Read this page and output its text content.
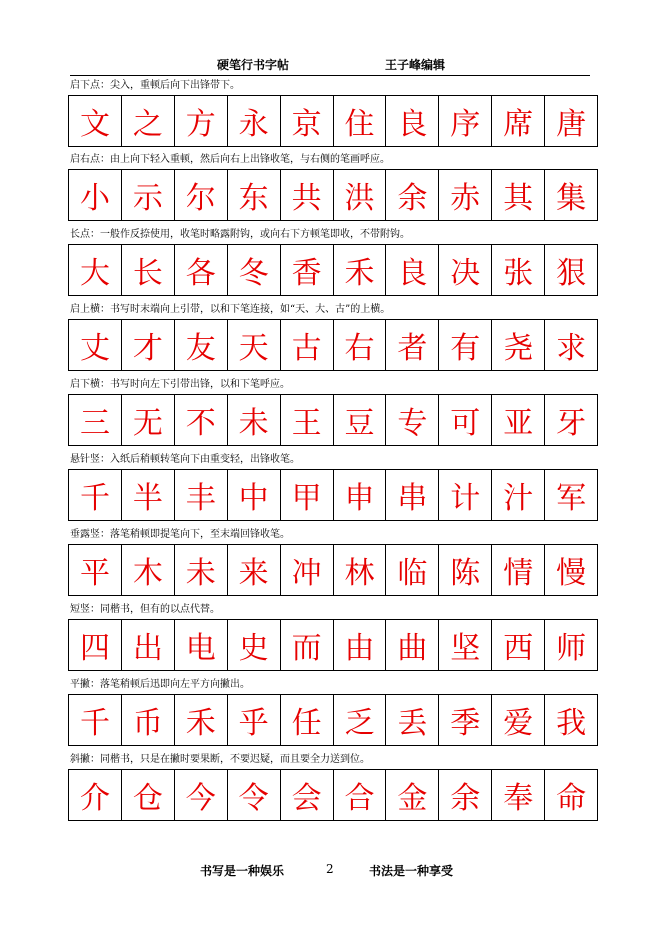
硬笔行书字帖	王子峰编辑
启下点：尖入，重顿后向下出锋带下。
文 之 方 永 京 住 良 序 席 唐
启右点：由上向下轻入重顿，然后向右上出锋收笔，与右侧的笔画呼应。
小 示 尔 东 共 洪 余 赤 其 集
长点：一般作反捺使用，收笔时略露附钩，或向右下方顿笔即收，不带附钩。
大 长 各 冬 香 禾 良 决 张 狠
启上横：书写时末端向上引带，以和下笔连接，如“天、大、古”的上横。
丈 才 友 天 古 右 者 有 尧 求
启下横：书写时向左下引带出锋，以和下笔呼应。
三 无 不 未 王 豆 专 可 亚 牙
悬针竖：入纸后稍顿转笔向下由重变轻，出锋收笔。
千 半 丰 中 甲 申 串 计 汁 军
垂露竖：落笔稍顿即提笔向下，至末端回锋收笔。
平 木 未 来 冲 林 临 陈 情 慢
短竖：同楷书，但有的以点代替。
四 出 电 史 而 由 曲 坚 西 师
平撇：落笔稍顿后迅即向左平方向撇出。
千 币 禾 乎 任 乏 丢 季 爱 我
斜撇：同楷书，只是在撇时要果断，不要迟疑，而且要全力送到位。
介 仓 今 令 会 合 金 余 奉 命
书写是一种娱乐	2	书法是一种享受
